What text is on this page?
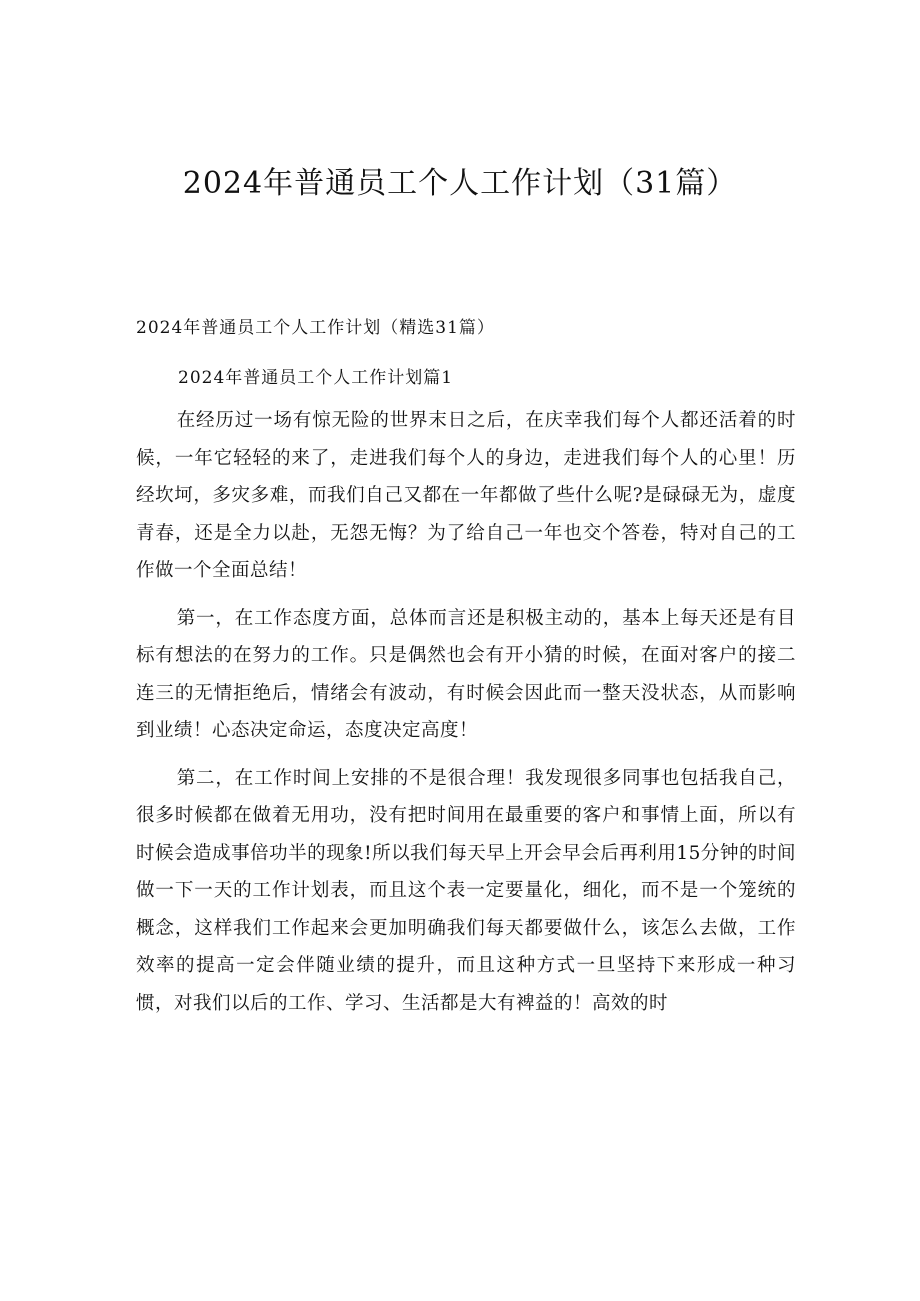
2024年普通员工个人工作计划（31篇）

2024年普通员工个人工作计划（精选31篇）

2024年普通员工个人工作计划篇1

在经历过一场有惊无险的世界末日之后，在庆幸我们每个人都还活着的时候，一年它轻轻的来了，走进我们每个人的身边，走进我们每个人的心里！历经坎坷，多灾多难，而我们自己又都在一年都做了些什么呢?是碌碌无为，虚度青春，还是全力以赴，无怨无悔？为了给自己一年也交个答卷，特对自己的工作做一个全面总结！

第一，在工作态度方面，总体而言还是积极主动的，基本上每天还是有目标有想法的在努力的工作。只是偶然也会有开小猜的时候，在面对客户的接二连三的无情拒绝后，情绪会有波动，有时候会因此而一整天没状态，从而影响到业绩！心态决定命运，态度决定高度！

第二，在工作时间上安排的不是很合理！我发现很多同事也包括我自己，很多时候都在做着无用功，没有把时间用在最重要的客户和事情上面，所以有时候会造成事倍功半的现象!所以我们每天早上开会早会后再利用15分钟的时间做一下一天的工作计划表，而且这个表一定要量化，细化，而不是一个笼统的概念，这样我们工作起来会更加明确我们每天都要做什么，该怎么去做，工作效率的提高一定会伴随业绩的提升，而且这种方式一旦坚持下来形成一种习惯，对我们以后的工作、学习、生活都是大有裨益的！高效的时
